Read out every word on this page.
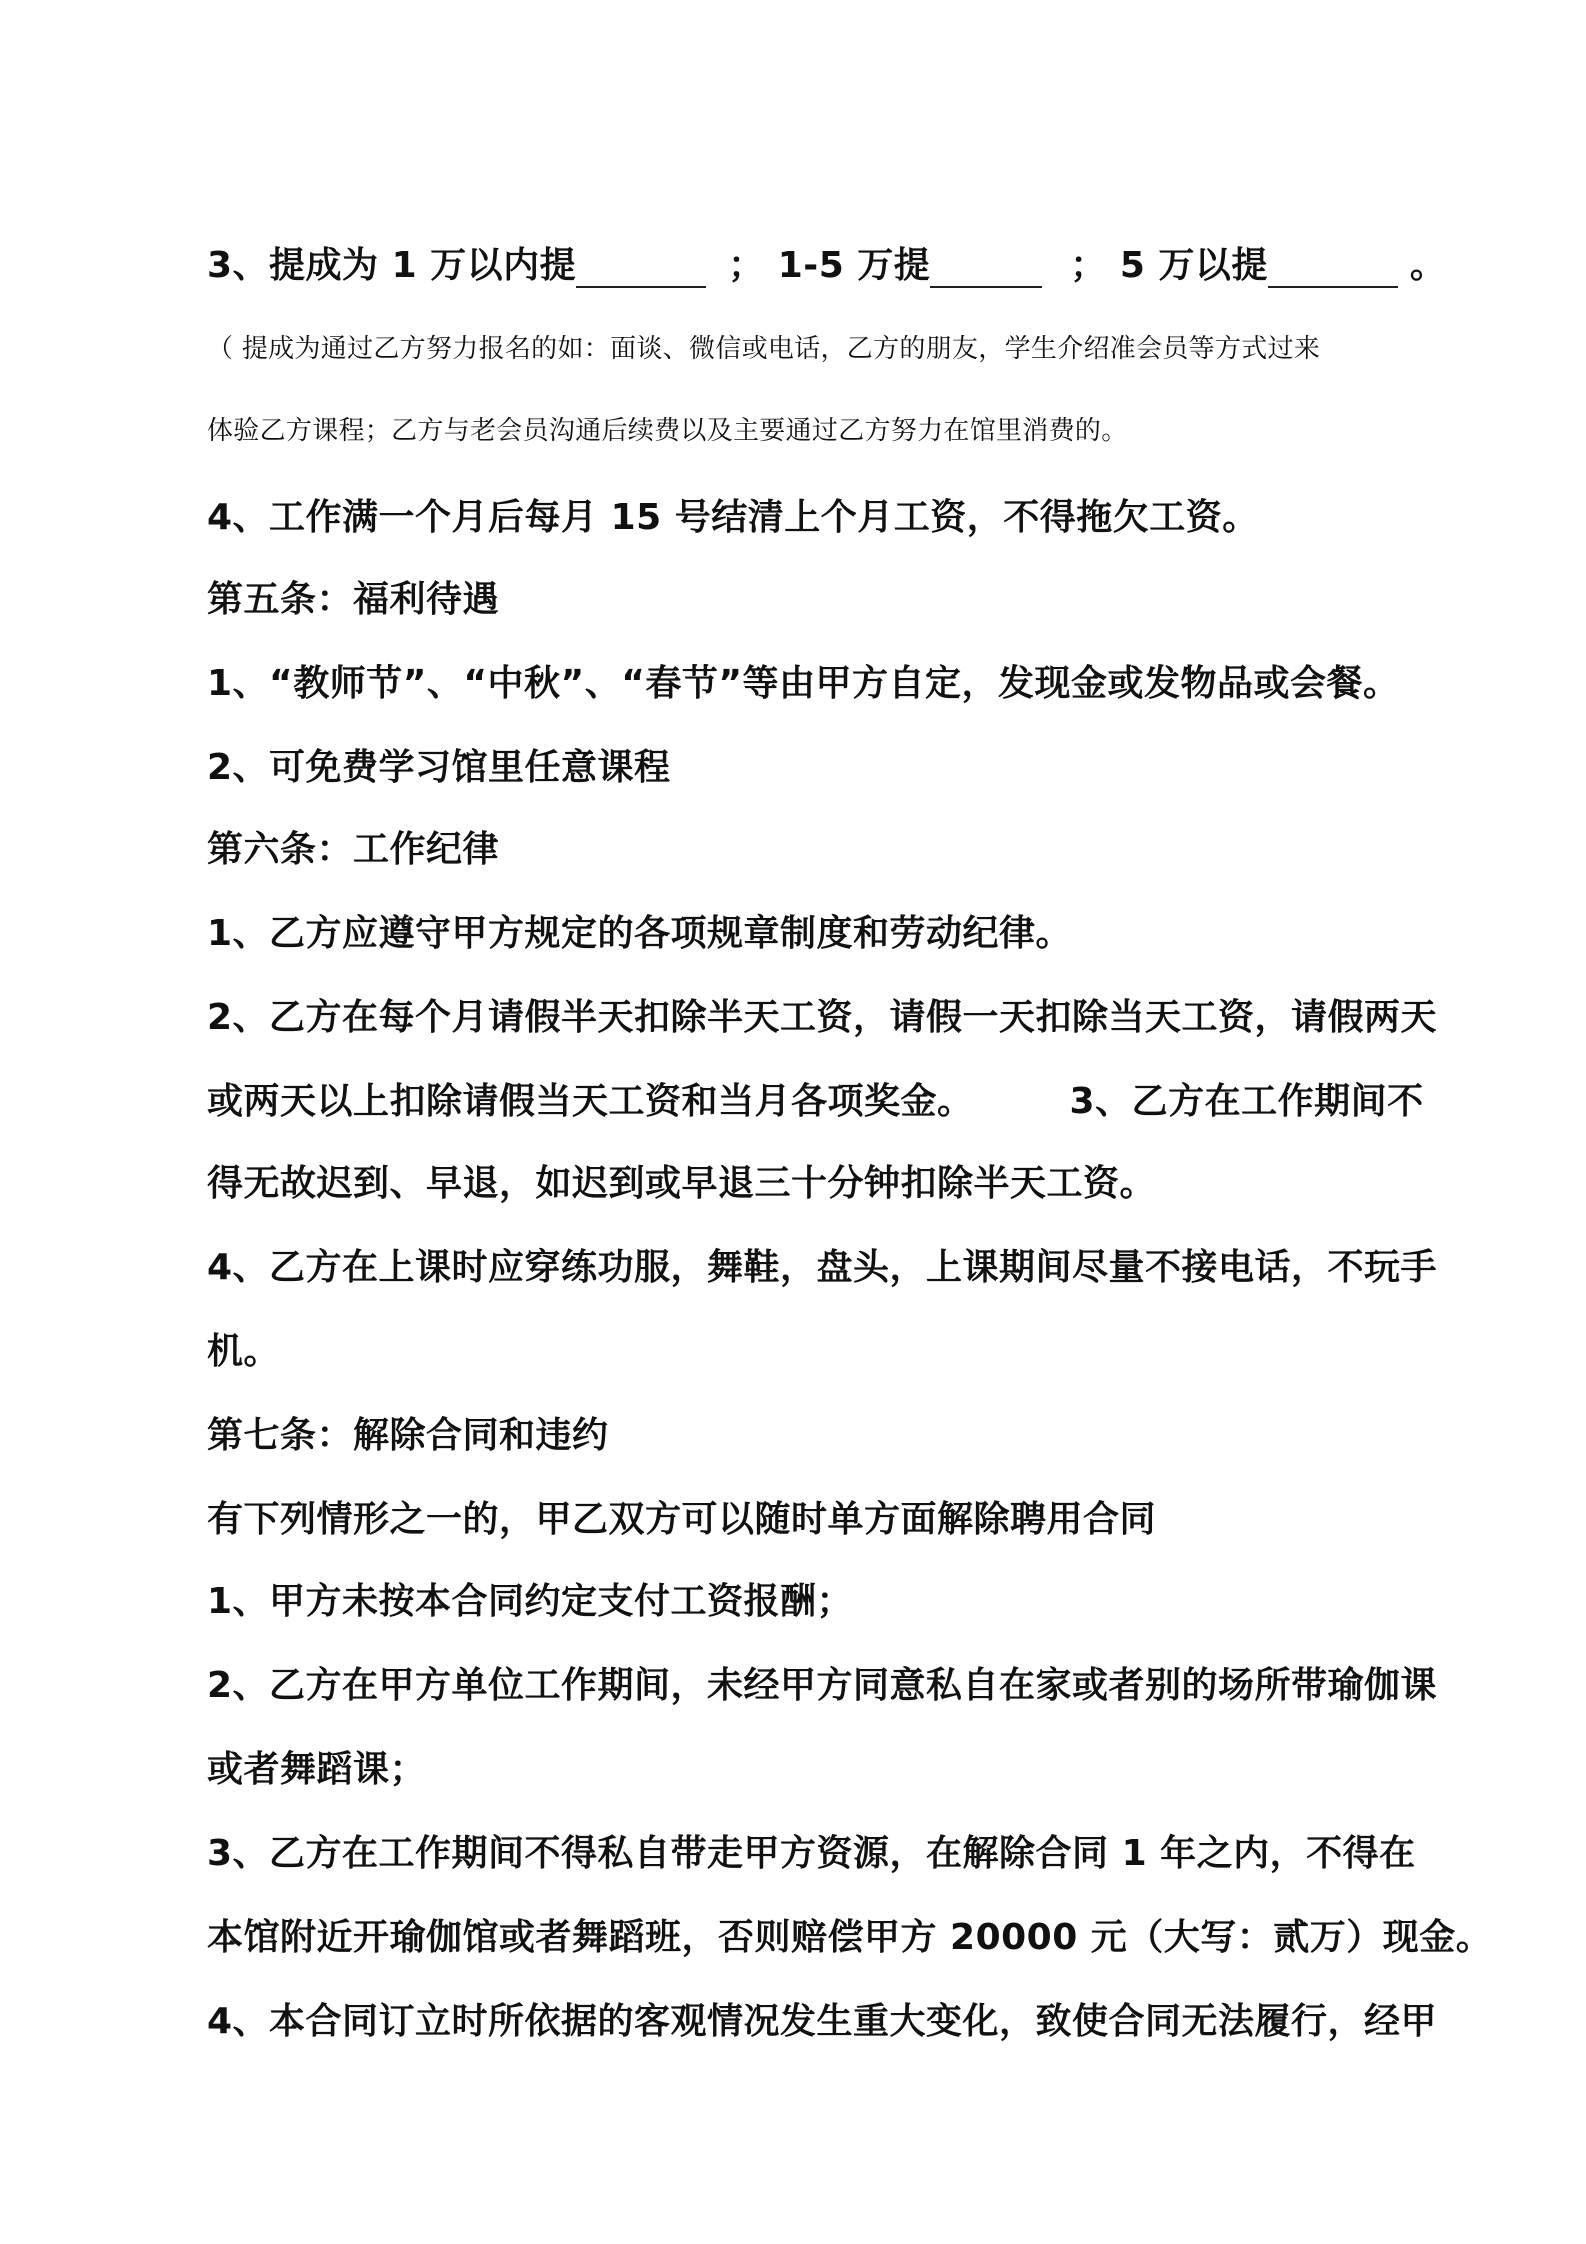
3、提成为 1 万以内提	； 1-5 万提	； 5 万以提	。
（ 提成为通过乙方努力报名的如：面谈、微信或电话，乙方的朋友，学生介绍准会员等方式过来
体验乙方课程；乙方与老会员沟通后续费以及主要通过乙方努力在馆里消费的。
4、工作满一个月后每月 15 号结清上个月工资，不得拖欠工资。
第五条：福利待遇
1、“教师节”、“中秋”、“春节”等由甲方自定，发现金或发物品或会餐。
2、可免费学习馆里任意课程
第六条：工作纪律
1、乙方应遵守甲方规定的各项规章制度和劳动纪律。
2、乙方在每个月请假半天扣除半天工资，请假一天扣除当天工资，请假两天
或两天以上扣除请假当天工资和当月各项奖金。	3、乙方在工作期间不
得无故迟到、早退，如迟到或早退三十分钟扣除半天工资。
4、乙方在上课时应穿练功服，舞鞋，盘头，上课期间尽量不接电话，不玩手
机。
第七条：解除合同和违约
有下列情形之一的，甲乙双方可以随时单方面解除聘用合同
1、甲方未按本合同约定支付工资报酬；
2、乙方在甲方单位工作期间，未经甲方同意私自在家或者别的场所带瑜伽课
或者舞蹈课；
3、乙方在工作期间不得私自带走甲方资源，在解除合同 1 年之内，不得在
本馆附近开瑜伽馆或者舞蹈班，否则赔偿甲方 20000 元（大写：贰万）现金。
4、本合同订立时所依据的客观情况发生重大变化，致使合同无法履行，经甲
